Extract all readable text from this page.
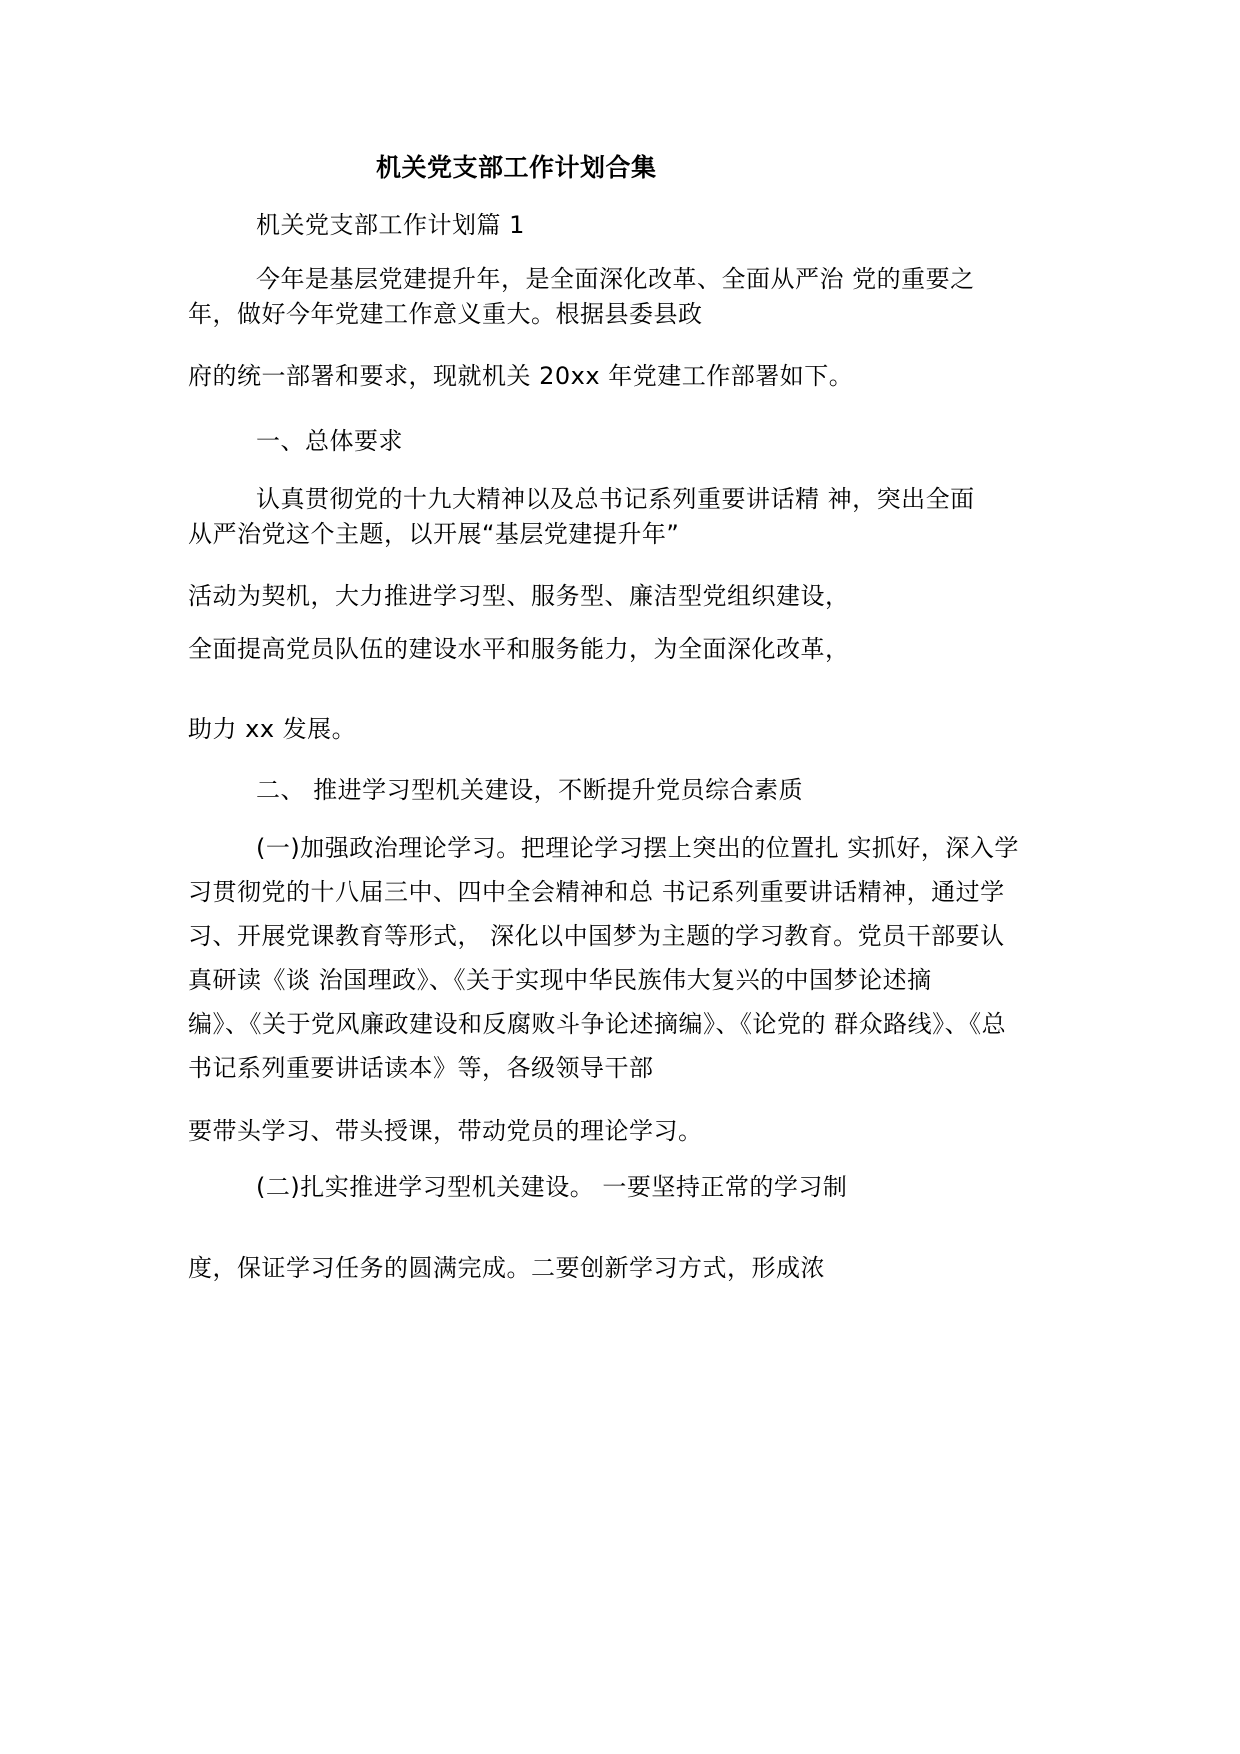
机关党支部工作计划合集
机关党支部工作计划篇 1
今年是基层党建提升年，是全面深化改革、全面从严治 党的重要之
年，做好今年党建工作意义重大。根据县委县政
府的统一部署和要求，现就机关 20xx 年党建工作部署如下。
一、总体要求
认真贯彻党的十九大精神以及总书记系列重要讲话精 神，突出全面
从严治党这个主题，以开展“基层党建提升年”
活动为契机，大力推进学习型、服务型、廉洁型党组织建设，
全面提高党员队伍的建设水平和服务能力，为全面深化改革，
助力 xx 发展。
二、 推进学习型机关建设，不断提升党员综合素质
(一)加强政治理论学习。把理论学习摆上突出的位置扎 实抓好，深入学
习贯彻党的十八届三中、四中全会精神和总 书记系列重要讲话精神，通过学
习、开展党课教育等形式， 深化以中国梦为主题的学习教育。党员干部要认
真研读《谈 治国理政》、《关于实现中华民族伟大复兴的中国梦论述摘
编》、《关于党风廉政建设和反腐败斗争论述摘编》、《论党的 群众路线》、《总
书记系列重要讲话读本》等，各级领导干部
要带头学习、带头授课，带动党员的理论学习。
(二)扎实推进学习型机关建设。 一要坚持正常的学习制
度，保证学习任务的圆满完成。二要创新学习方式，形成浓
